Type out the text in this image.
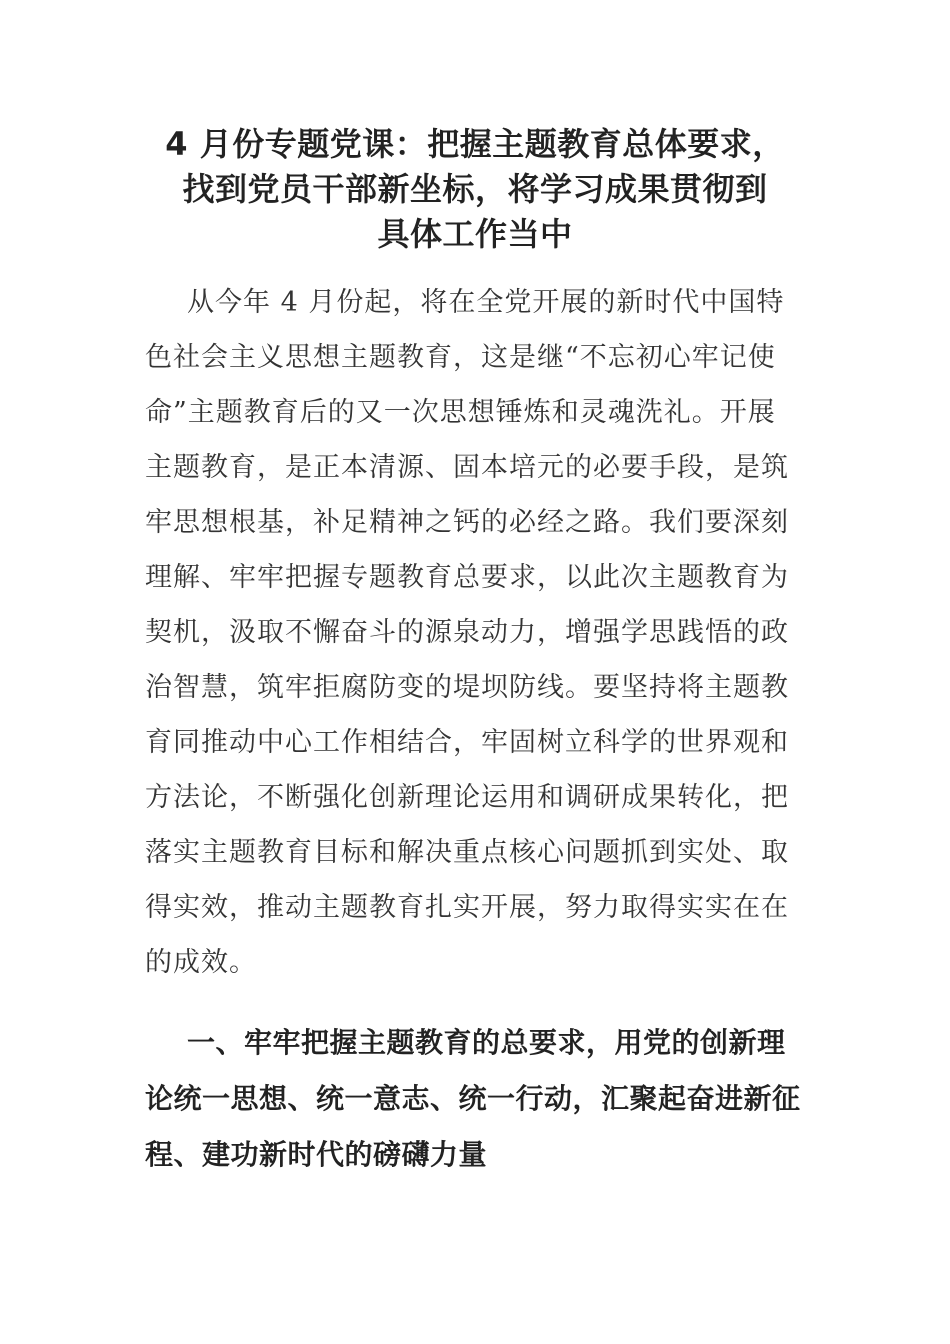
4 月份专题党课：把握主题教育总体要求，
找到党员干部新坐标，将学习成果贯彻到
具体工作当中

从今年 4 月份起，将在全党开展的新时代中国特
色社会主义思想主题教育，这是继“不忘初心牢记使
命”主题教育后的又一次思想锤炼和灵魂洗礼。开展
主题教育，是正本清源、固本培元的必要手段，是筑
牢思想根基，补足精神之钙的必经之路。我们要深刻
理解、牢牢把握专题教育总要求，以此次主题教育为
契机，汲取不懈奋斗的源泉动力，增强学思践悟的政
治智慧，筑牢拒腐防变的堤坝防线。要坚持将主题教
育同推动中心工作相结合，牢固树立科学的世界观和
方法论，不断强化创新理论运用和调研成果转化，把
落实主题教育目标和解决重点核心问题抓到实处、取
得实效，推动主题教育扎实开展，努力取得实实在在
的成效。

一、牢牢把握主题教育的总要求，用党的创新理
论统一思想、统一意志、统一行动，汇聚起奋进新征
程、建功新时代的磅礴力量
